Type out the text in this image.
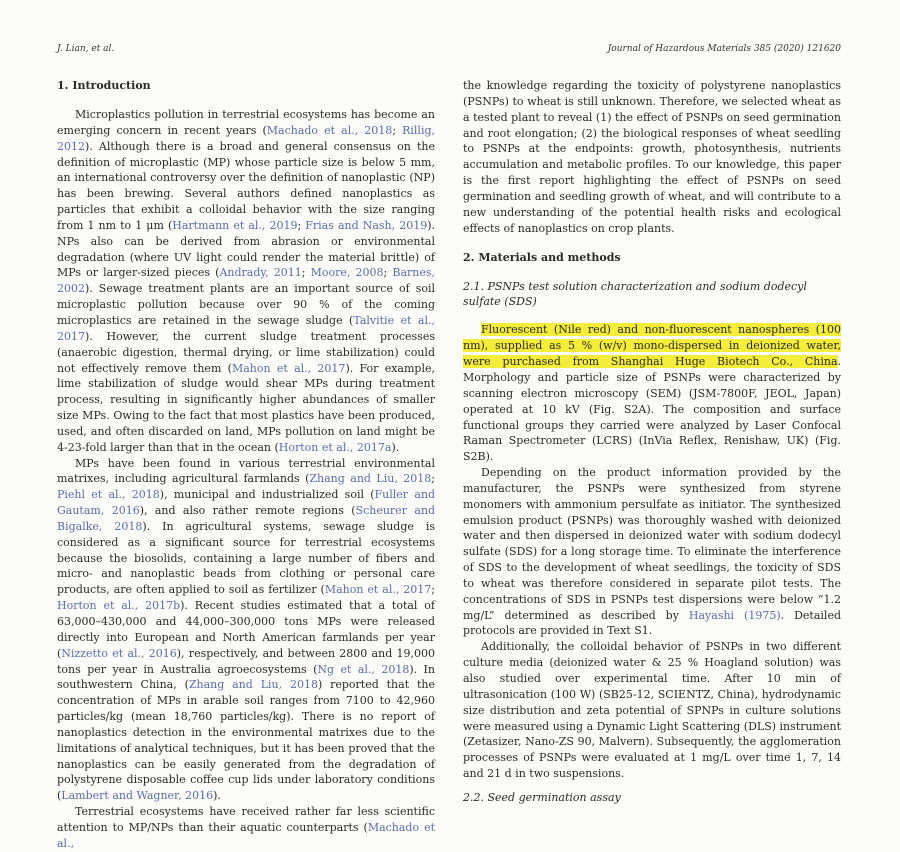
J. Lian, et al.	Journal of Hazardous Materials 385 (2020) 121620
1. Introduction

Microplastics pollution in terrestrial ecosystems has become an emerging concern in recent years (Machado et al., 2018; Rillig, 2012). Although there is a broad and general consensus on the definition of microplastic (MP) whose particle size is below 5 mm, an international controversy over the definition of nanoplastic (NP) has been brewing. Several authors defined nanoplastics as particles that exhibit a colloidal behavior with the size ranging from 1 nm to 1 μm (Hartmann et al., 2019; Frias and Nash, 2019). NPs also can be derived from abrasion or environmental degradation (where UV light could render the material brittle) of MPs or larger-sized pieces (Andrady, 2011; Moore, 2008; Barnes, 2002). Sewage treatment plants are an important source of soil microplastic pollution because over 90 % of the coming microplastics are retained in the sewage sludge (Talvitie et al., 2017). However, the current sludge treatment processes (anaerobic digestion, thermal drying, or lime stabilization) could not effectively remove them (Mahon et al., 2017). For example, lime stabilization of sludge would shear MPs during treatment process, resulting in significantly higher abundances of smaller size MPs. Owing to the fact that most plastics have been produced, used, and often discarded on land, MPs pollution on land might be 4-23-fold larger than that in the ocean (Horton et al., 2017a).

MPs have been found in various terrestrial environmental matrixes, including agricultural farmlands (Zhang and Liu, 2018; Piehl et al., 2018), municipal and industrialized soil (Fuller and Gautam, 2016), and also rather remote regions (Scheurer and Bigalke, 2018). In agricultural systems, sewage sludge is considered as a significant source for terrestrial ecosystems because the biosolids, containing a large number of fibers and micro- and nanoplastic beads from clothing or personal care products, are often applied to soil as fertilizer (Mahon et al., 2017; Horton et al., 2017b). Recent studies estimated that a total of 63,000–430,000 and 44,000–300,000 tons MPs were released directly into European and North American farmlands per year (Nizzetto et al., 2016), respectively, and between 2800 and 19,000 tons per year in Australia agroecosystems (Ng et al., 2018). In southwestern China, (Zhang and Liu, 2018) reported that the concentration of MPs in arable soil ranges from 7100 to 42,960 particles/kg (mean 18,760 particles/kg). There is no report of nanoplastics detection in the environmental matrixes due to the limitations of analytical techniques, but it has been proved that the nanoplastics can be easily generated from the degradation of polystyrene disposable coffee cup lids under laboratory conditions (Lambert and Wagner, 2016).

Terrestrial ecosystems have received rather far less scientific attention to MP/NPs than their aquatic counterparts (Machado et al.,

the knowledge regarding the toxicity of polystyrene nanoplastics (PSNPs) to wheat is still unknown. Therefore, we selected wheat as a tested plant to reveal (1) the effect of PSNPs on seed germination and root elongation; (2) the biological responses of wheat seedling to PSNPs at the endpoints: growth, photosynthesis, nutrients accumulation and metabolic profiles. To our knowledge, this paper is the first report highlighting the effect of PSNPs on seed germination and seedling growth of wheat, and will contribute to a new understanding of the potential health risks and ecological effects of nanoplastics on crop plants.

2. Materials and methods
2.1. PSNPs test solution characterization and sodium dodecyl sulfate (SDS)

Fluorescent (Nile red) and non-fluorescent nanospheres (100 nm), supplied as 5 % (w/v) mono-dispersed in deionized water, were purchased from Shanghai Huge Biotech Co., China. Morphology and particle size of PSNPs were characterized by scanning electron microscopy (SEM) (JSM-7800F, JEOL, Japan) operated at 10 kV (Fig. S2A). The composition and surface functional groups they carried were analyzed by Laser Confocal Raman Spectrometer (LCRS) (InVia Reflex, Renishaw, UK) (Fig. S2B).

Depending on the product information provided by the manufacturer, the PSNPs were synthesized from styrene monomers with ammonium persulfate as initiator. The synthesized emulsion product (PSNPs) was thoroughly washed with deionized water and then dispersed in deionized water with sodium dodecyl sulfate (SDS) for a long storage time. To eliminate the interference of SDS to the development of wheat seedlings, the toxicity of SDS to wheat was therefore considered in separate pilot tests. The concentrations of SDS in PSNPs test dispersions were below “1.2 mg/L” determined as described by Hayashi (1975). Detailed protocols are provided in Text S1.

Additionally, the colloidal behavior of PSNPs in two different culture media (deionized water & 25 % Hoagland solution) was also studied over experimental time. After 10 min of ultrasonication (100 W) (SB25-12, SCIENTZ, China), hydrodynamic size distribution and zeta potential of SPNPs in culture solutions were measured using a Dynamic Light Scattering (DLS) instrument (Zetasizer, Nano-ZS 90, Malvern). Subsequently, the agglomeration processes of PSNPs were evaluated at 1 mg/L over time 1, 7, 14 and 21 d in two suspensions.

2.2. Seed germination assay
